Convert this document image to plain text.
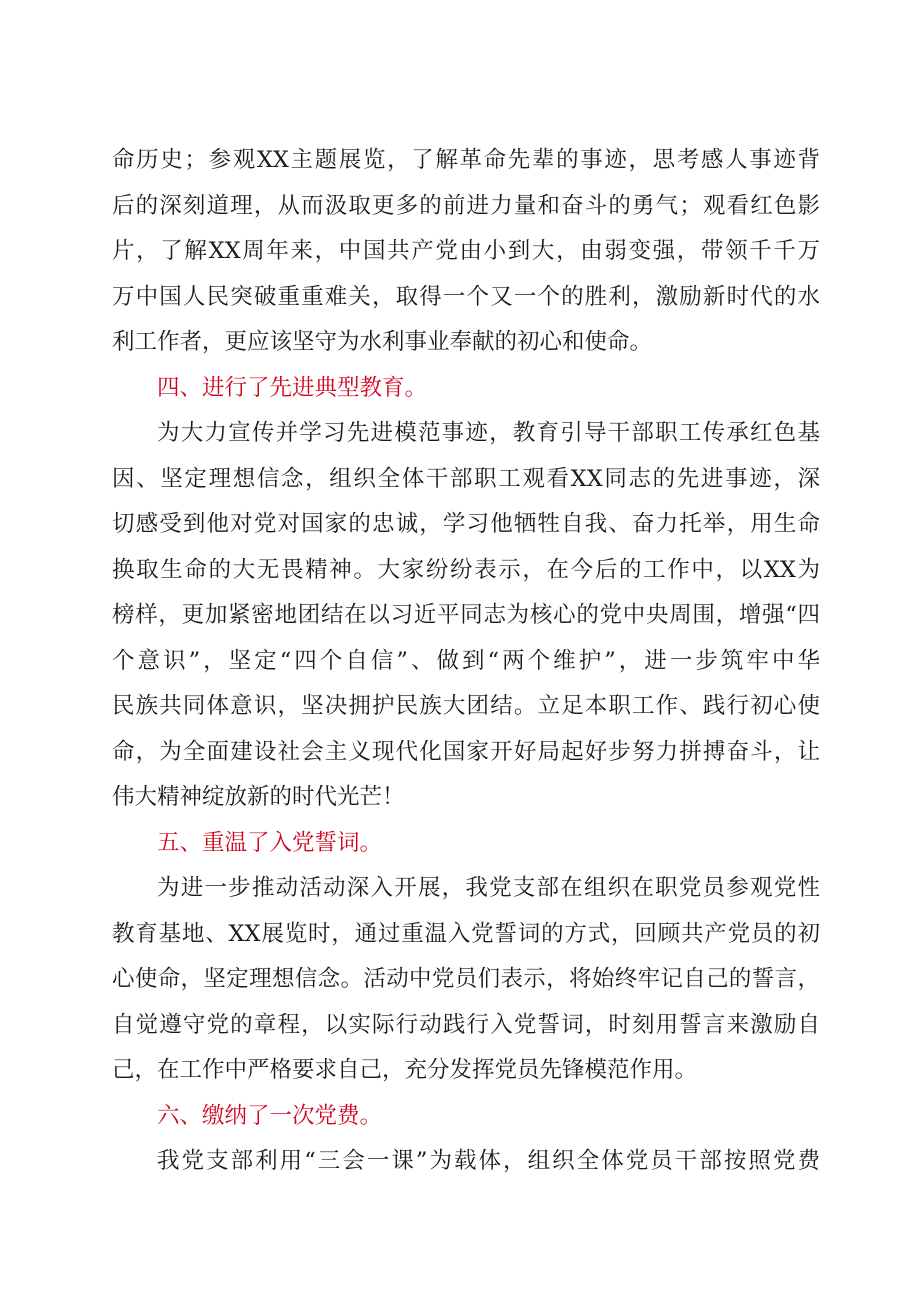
命历史；参观XX主题展览，了解革命先辈的事迹，思考感人事迹背
后的深刻道理，从而汲取更多的前进力量和奋斗的勇气；观看红色影
片，了解XX周年来，中国共产党由小到大，由弱变强，带领千千万
万中国人民突破重重难关，取得一个又一个的胜利，激励新时代的水
利工作者，更应该坚守为水利事业奉献的初心和使命。
四、进行了先进典型教育。
为大力宣传并学习先进模范事迹，教育引导干部职工传承红色基
因、坚定理想信念，组织全体干部职工观看XX同志的先进事迹，深
切感受到他对党对国家的忠诚，学习他牺牲自我、奋力托举，用生命
换取生命的大无畏精神。大家纷纷表示，在今后的工作中，以XX为
榜样，更加紧密地团结在以习近平同志为核心的党中央周围，增强“四
个意识”，坚定“四个自信”、做到“两个维护”，进一步筑牢中华
民族共同体意识，坚决拥护民族大团结。立足本职工作、践行初心使
命，为全面建设社会主义现代化国家开好局起好步努力拼搏奋斗，让
伟大精神绽放新的时代光芒！
五、重温了入党誓词。
为进一步推动活动深入开展，我党支部在组织在职党员参观党性
教育基地、XX展览时，通过重温入党誓词的方式，回顾共产党员的初
心使命，坚定理想信念。活动中党员们表示，将始终牢记自己的誓言，
自觉遵守党的章程，以实际行动践行入党誓词，时刻用誓言来激励自
己，在工作中严格要求自己，充分发挥党员先锋模范作用。
六、缴纳了一次党费。
我党支部利用“三会一课”为载体，组织全体党员干部按照党费
